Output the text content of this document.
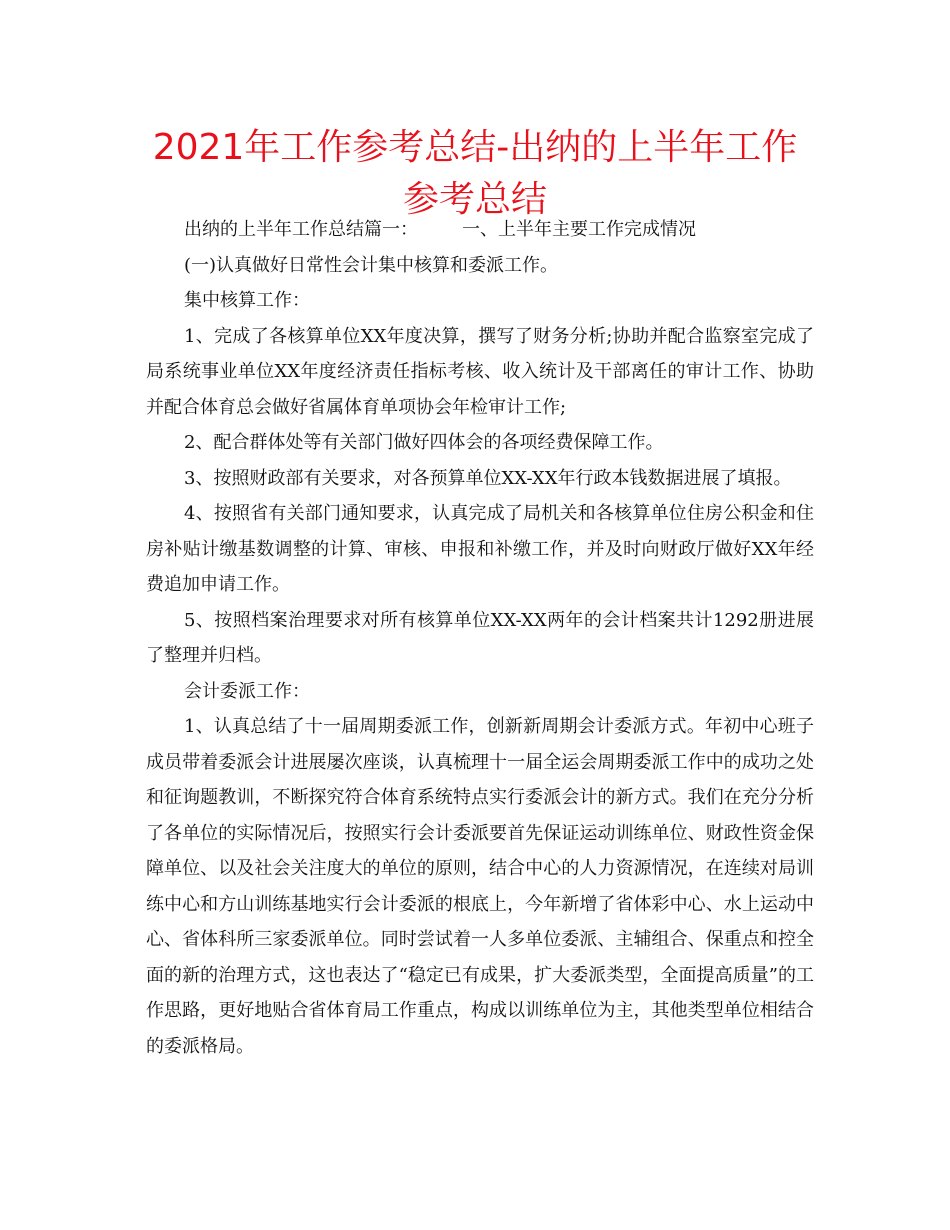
2021年工作参考总结-出纳的上半年工作参考总结

出纳的上半年工作总结篇一： 一、上半年主要工作完成情况

(一)认真做好日常性会计集中核算和委派工作。

集中核算工作：

1、完成了各核算单位XX年度决算，撰写了财务分析;协助并配合监察室完成了局系统事业单位XX年度经济责任指标考核、收入统计及干部离任的审计工作、协助并配合体育总会做好省属体育单项协会年检审计工作;

2、配合群体处等有关部门做好四体会的各项经费保障工作。

3、按照财政部有关要求，对各预算单位XX-XX年行政本钱数据进展了填报。

4、按照省有关部门通知要求，认真完成了局机关和各核算单位住房公积金和住房补贴计缴基数调整的计算、审核、申报和补缴工作，并及时向财政厅做好XX年经费追加申请工作。

5、按照档案治理要求对所有核算单位XX-XX两年的会计档案共计1292册进展了整理并归档。

会计委派工作：

1、认真总结了十一届周期委派工作，创新新周期会计委派方式。年初中心班子成员带着委派会计进展屡次座谈，认真梳理十一届全运会周期委派工作中的成功之处和征询题教训，不断探究符合体育系统特点实行委派会计的新方式。我们在充分分析了各单位的实际情况后，按照实行会计委派要首先保证运动训练单位、财政性资金保障单位、以及社会关注度大的单位的原则，结合中心的人力资源情况，在连续对局训练中心和方山训练基地实行会计委派的根底上，今年新增了省体彩中心、水上运动中心、省体科所三家委派单位。同时尝试着一人多单位委派、主辅组合、保重点和控全面的新的治理方式，这也表达了“稳定已有成果，扩大委派类型，全面提高质量”的工作思路，更好地贴合省体育局工作重点，构成以训练单位为主，其他类型单位相结合的委派格局。
